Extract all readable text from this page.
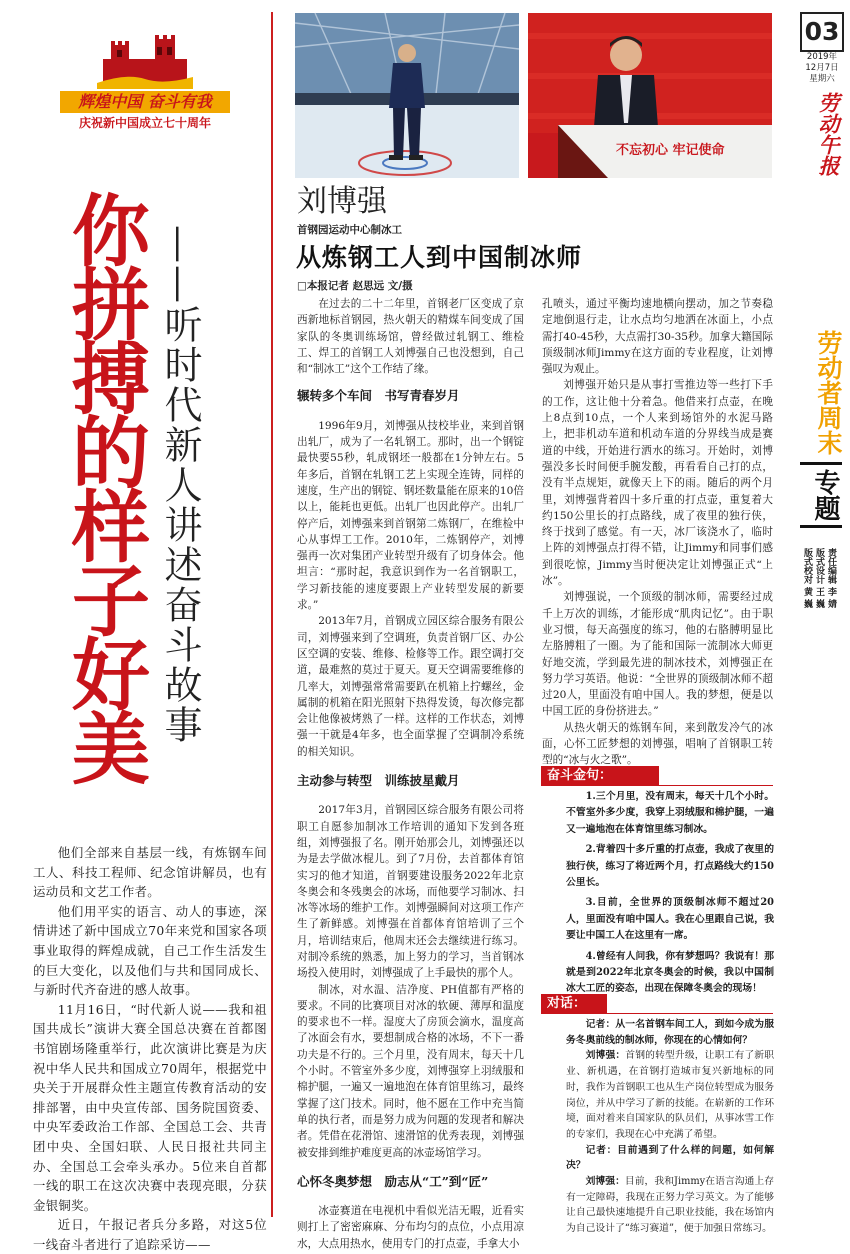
辉煌中国 奋斗有我
庆祝新中国成立七十周年
你拼搏的样子好美 ——听时代新人讲述奋斗故事

他们全部来自基层一线，有炼钢车间工人、科技工程师、纪念馆讲解员，也有运动员和文艺工作者。

他们用平实的语言、动人的事迹，深情讲述了新中国成立70年来党和国家各项事业取得的辉煌成就，自己工作生活发生的巨大变化，以及他们与共和国同成长、与新时代齐奋进的感人故事。

11月16日，“时代新人说——我和祖国共成长”演讲大赛全国总决赛在首都图书馆剧场隆重举行，此次演讲比赛是为庆祝中华人民共和国成立70周年，根据党中央关于开展群众性主题宣传教育活动的安排部署，由中央宣传部、国务院国资委、中央军委政治工作部、全国总工会、共青团中央、全国妇联、人民日报社共同主办、全国总工会牵头承办。5位来自首都一线的职工在这次决赛中表现亮眼，分获金银铜奖。

近日，午报记者兵分多路，对这5位一线奋斗者进行了追踪采访——

不忘初心 牢记使命
刘博强
首钢园运动中心制冰工
从炼钢工人到中国制冰师
□本报记者 赵思远 文/摄

在过去的二十二年里，首钢老厂区变成了京西新地标首钢园，热火朝天的精煤车间变成了国家队的冬奥训练场馆，曾经做过轧钢工、维检工、焊工的首钢工人刘博强自己也没想到，自己和“制冰工”这个工作结了缘。

辗转多个车间　书写青春岁月

1996年9月，刘博强从技校毕业，来到首钢出轧厂，成为了一名轧钢工。那时，出一个钢锭最快要55秒，轧成钢坯一般都在1分钟左右。5年多后，首钢在轧钢工艺上实现全连铸，同样的速度，生产出的钢锭、钢坯数量能在原来的10倍以上，能耗也更低。出轧厂也因此停产。出轧厂停产后，刘博强来到首钢第二炼钢厂，在维检中心从事焊工工作。2010年，二炼钢停产，刘博强再一次对集团产业转型升级有了切身体会。他坦言：“那时起，我意识到作为一名首钢职工，学习新技能的速度要跟上产业转型发展的新要求。”

2013年7月，首钢成立园区综合服务有限公司，刘博强来到了空调班，负责首钢厂区、办公区空调的安装、维修、检修等工作。跟空调打交道，最难熬的莫过于夏天。夏天空调需要维修的几率大，刘博强常常需要趴在机箱上拧螺丝，金属制的机箱在阳光照射下热得发烫，每次修完都会让他像被烤熟了一样。这样的工作状态，刘博强一干就是4年多，也全面掌握了空调制冷系统的相关知识。

主动参与转型　训练披星戴月

2017年3月，首钢园区综合服务有限公司将职工自愿参加制冰工作培训的通知下发到各班组，刘博强报了名。刚开始那会儿，刘博强还以为是去学做冰棍儿。到了7月份，去首都体育馆实习的他才知道，首钢要建设服务2022年北京冬奥会和冬残奥会的冰场，而他要学习制冰、扫冰等冰场的维护工作。刘博强瞬间对这项工作产生了新鲜感。刘博强在首都体育馆培训了三个月，培训结束后，他周末还会去继续进行练习。对制冷系统的熟悉，加上努力的学习，当首钢冰场投入使用时，刘博强成了上手最快的那个人。

制冰，对水温、洁净度、PH值都有严格的要求。不同的比赛项目对冰的软硬、薄厚和温度的要求也不一样。湿度大了房顶会滴水，温度高了冰面会有水，要想制成合格的冰场，不下一番功夫是不行的。三个月里，没有周末，每天十几个小时。不管室外多少度，刘博强穿上羽绒服和棉护腿，一遍又一遍地泡在体育馆里练习，最终掌握了这门技术。同时，他不愿在工作中充当简单的执行者，而是努力成为问题的发现者和解决者。凭借在花滑馆、速滑馆的优秀表现，刘博强被安排到维护难度更高的冰壶场馆学习。

心怀冬奥梦想　励志从“工”到“匠”

冰壶赛道在电视机中看似光洁无暇，近看实则打上了密密麻麻、分布均匀的点位，小点用凉水，大点用热水，使用专门的打点壶，手拿大小

孔喷头，通过平衡均速地横向摆动，加之节奏稳定地倒退行走，让水点均匀地洒在冰面上，小点需打40-45秒，大点需打30-35秒。加拿大籍国际顶级制冰师Jimmy在这方面的专业程度，让刘博强叹为观止。

刘博强开始只是从事打雪推边等一些打下手的工作，这让他十分着急。他借来打点壶，在晚上8点到10点，一个人来到场馆外的水泥马路上，把非机动车道和机动车道的分界线当成是赛道的中线，开始进行洒水的练习。开始时，刘博强没多长时间便手腕发酸，再看看自己打的点，没有半点规矩，就像天上下的雨。随后的两个月里，刘博强背着四十多斤重的打点壶，重复着大约150公里长的打点路线，成了夜里的独行侠，终于找到了感觉。有一天，冰厂该浇水了，临时上阵的刘博强点打得不错，让Jimmy和同事们感到很吃惊，Jimmy当时便决定让刘博强正式“上冰”。

刘博强说，一个顶级的制冰师，需要经过成千上万次的训练，才能形成“肌肉记忆”。由于职业习惯，每天高强度的练习，他的右胳膊明显比左胳膊粗了一圈。为了能和国际一流制冰大师更好地交流，学到最先进的制冰技术，刘博强正在努力学习英语。他说：“全世界的顶级制冰师不超过20人，里面没有咱中国人。我的梦想，便是以中国工匠的身份挤进去。”

从热火朝天的炼钢车间，来到散发冷气的冰面，心怀工匠梦想的刘博强，唱响了首钢职工转型的“冰与火之歌”。

奋斗金句：

1.三个月里，没有周末，每天十几个小时。不管室外多少度，我穿上羽绒服和棉护腿，一遍又一遍地泡在体育馆里练习制冰。

2.背着四十多斤重的打点壶，我成了夜里的独行侠，练习了将近两个月，打点路线大约150公里长。

3.目前，全世界的顶级制冰师不超过20人，里面没有咱中国人。我在心里跟自己说，我要让中国工人在这里有一席。

4.曾经有人问我，你有梦想吗？我说有！那就是到2022年北京冬奥会的时候，我以中国制冰大工匠的姿态，出现在保障冬奥会的现场！

对话：

记者：从一名首钢车间工人，到如今成为服务冬奥前线的制冰师，你现在的心情如何？

刘博强：首钢的转型升级，让职工有了新职业、新机遇，在首钢打造城市复兴新地标的同时，我作为首钢职工也从生产岗位转型成为服务岗位，并从中学习了新的技能。在崭新的工作环境，面对着来自国家队的队员们，从事冰雪工作的专家们，我现在心中充满了希望。

记者：目前遇到了什么样的问题，如何解决？

刘博强：目前，我和Jimmy在语言沟通上存有一定障碍，我现在正努力学习英文。为了能够让自己最快速地提升自己职业技能，我在场馆内为自己设计了“练习赛道”，便于加强日常练习。

03
2019年
12月7日
星期六
劳动午报
劳动者周末
专题
责任编辑 李 婧
版式设计 王 巍
版式校对 黄 巍
